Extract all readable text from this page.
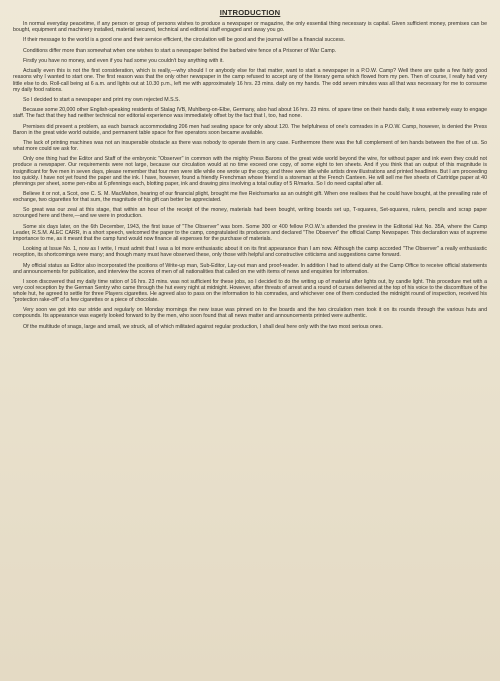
INTRODUCTION

In normal everyday peacetime, if any person or group of persons wishes to produce a newspaper or magazine, the only essential thing necessary is capital. Given sufficient money, premises can be bought, equipment and machinery installed, material secured, technical and editorial staff engaged and away you go.

If their message to the world is a good one and their service efficient, the circulation will be good and the journal will be a financial success.

Conditions differ more than somewhat when one wishes to start a newspaper behind the barbed wire fence of a Prisoner of War Camp.

Firstly you have no money, and even if you had some you couldn't buy anything with it.

Actually even this is not the first consideration, which is really,—why should I or anybody else for that matter, want to start a newspaper in a P.O.W. Camp? Well there are quite a few fairly good reasons why I wanted to start one. The first reason was that the only other newspaper in the camp refused to accept any of the literary gems which flowed from my pen. Then of course, I really had very little else to do. Roll-call being at 6 a.m. and lights out at 10.30 p.m., left me with approximately 16 hrs. 23 mins. daily on my hands. The odd seven minutes was all that was necessary for me to consume my daily food rations.

So I decided to start a newspaper and print my own rejected M.S.S.

Because some 20,000 other English-speaking residents of Stalag IVB, Muhlberg-on-Elbe, Germany, also had about 16 hrs. 23 mins. of spare time on their hands daily, it was extremely easy to engage staff. The fact that they had neither technical nor editorial experience was immediately offset by the fact that I, too, had none.

Premises did present a problem, as each barrack accommodating 206 men had seating space for only about 120. The helpfulness of one's comrades in a P.O.W. Camp, however, is denied the Press Baron in the great wide world outside, and permanent table space for five operators soon became available.

The lack of printing machines was not an insuperable obstacle as there was nobody to operate them in any case. Furthermore there was the full complement of ten hands between the five of us. So what more could we ask for.

Only one thing had the Editor and Staff of the embryonic "Observer" in common with the mighty Press Barons of the great wide world beyond the wire, for without paper and ink even they could not produce a newspaper. Our requirements were not large, because our circulation would at no time exceed one copy, of some eight to ten sheets. And if you think that an output of this magnitude is insignificant for five men in seven days, please remember that four men were idle while one wrote up the copy, and three were idle while artists drew illustrations and printed headlines. But I am proceeding too quickly. I have not yet found the paper and the ink. I have, however, found a friendly Frenchman whose friend is a storeman at the French Canteen. He will sell me five sheets of Cartridge paper at 40 pfennings per sheet, some pen-nibs at 6 pfennings each, blotting paper, ink and drawing pins involving a total outlay of 5 R/marks. So I do need capital after all.

Believe it or not, a Scot, one C. S. M. MacMahon, hearing of our financial plight, brought me five Reichsmarks as an outright gift. When one realises that he could have bought, at the prevailing rate of exchange, two cigarettes for that sum, the magnitude of his gift can better be appreciated.

So great was our zeal at this stage, that within an hour of the receipt of the money, materials had been bought, writing boards set up, T-squares, Set-squares, rulers, pencils and scrap paper scrounged here and there,—and we were in production.

Some six days later, on the 6th December, 1943, the first issue of "The Observer" was born. Some 300 or 400 fellow P.O.W.'s attended the preview in the Editorial Hut No. 35A, where the Camp Leader, R.S.M. ALEC CARR, in a short speech, welcomed the paper to the camp, congratulated its producers and declared "The Observer" the official Camp Newspaper. This declaration was of supreme importance to me, as it meant that the camp fund would now finance all expenses for the purchase of materials.

Looking at Issue No. 1, now as I write, I must admit that I was a lot more enthusiastic about it on its first appearance than I am now. Although the camp accorded "The Observer" a really enthusiastic reception, its shortcomings were many; and though many must have observed these, only those with helpful and constructive criticisms and suggestions came forward.

My official status as Editor also incorporated the positions of Write-up man, Sub-Editor, Lay-out man and proof-reader. In addition I had to attend daily at the Camp Office to receive official statements and announcements for publication, and interview the scores of men of all nationalities that called on me with items of news and enquiries for information.

I soon discovered that my daily time ration of 16 hrs. 23 mins. was not sufficient for these jobs, so I decided to do the writing up of material after lights out, by candle light. This procedure met with a very cool reception by the German Sentry who came through the hut every night at midnight. However, after threats of arrest and a round of curses delivered at the top of his voice to the discomfiture of the whole hut, he agreed to settle for three Players cigarettes. He agreed also to pass on the information to his comrades, and whichever one of them conducted the midnight round of inspection, received his "protection rake-off" of a few cigarettes or a piece of chocolate.

Very soon we got into our stride and regularly on Monday mornings the new issue was pinned on to the boards and the two circulation men took it on its rounds through the various huts and compounds. Its appearance was eagerly looked forward to by the men, who soon found that all news matter and announcements printed were authentic.

Of the multitude of snags, large and small, we struck, all of which militated against regular production, I shall deal here only with the two most serious ones.
